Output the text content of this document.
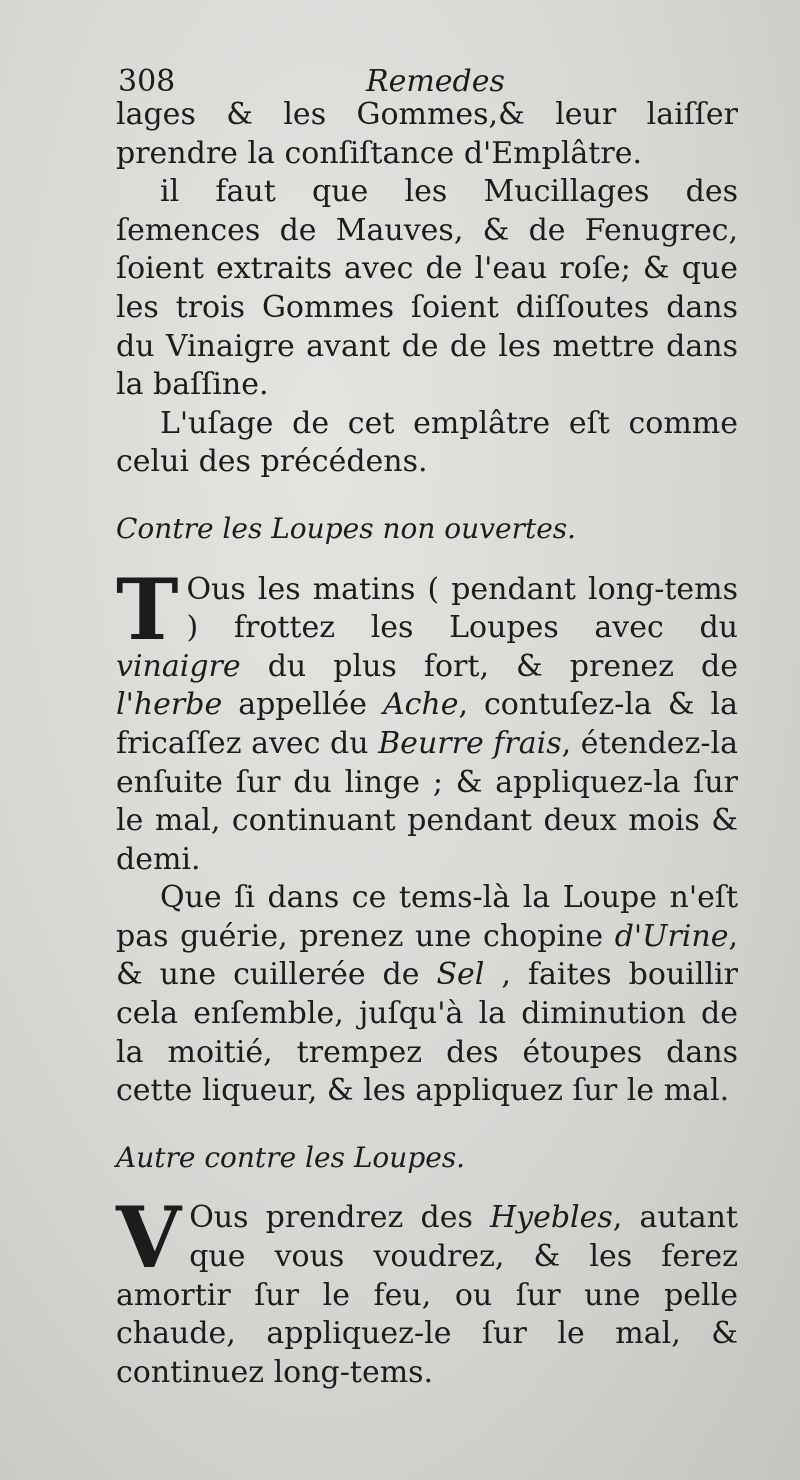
308	Remedes

lages & les Gommes,& leur laiſſer prendre la conſiſtance d'Emplâtre.

il faut que les Mucillages des ſemences de Mauves, & de Fenugrec, ſoient extraits avec de l'eau roſe; & que les trois Gommes ſoient diſſoutes dans du Vinaigre avant de de les mettre dans la baſſine.

L'uſage de cet emplâtre eſt comme celui des précédens.

Contre les Loupes non ouvertes.

T Ous les matins ( pendant long-tems ) frottez les Loupes avec du vinaigre du plus fort, & prenez de l'herbe appellée Ache, contuſez-la & la fricaſſez avec du Beurre frais, étendez-la enſuite ſur du linge ; & appliquez-la ſur le mal, continuant pendant deux mois & demi.

Que ſi dans ce tems-là la Loupe n'eſt pas guérie, prenez une chopine d'Urine, & une cuillerée de Sel , faites bouillir cela enſemble, juſqu'à la diminution de la moitié, trempez des étoupes dans cette liqueur, & les appliquez ſur le mal.

Autre contre les Loupes.

V Ous prendrez des Hyebles, autant que vous voudrez, & les ferez amortir ſur le feu, ou ſur une pelle chaude, appliquez-le ſur le mal, & continuez long-tems.
